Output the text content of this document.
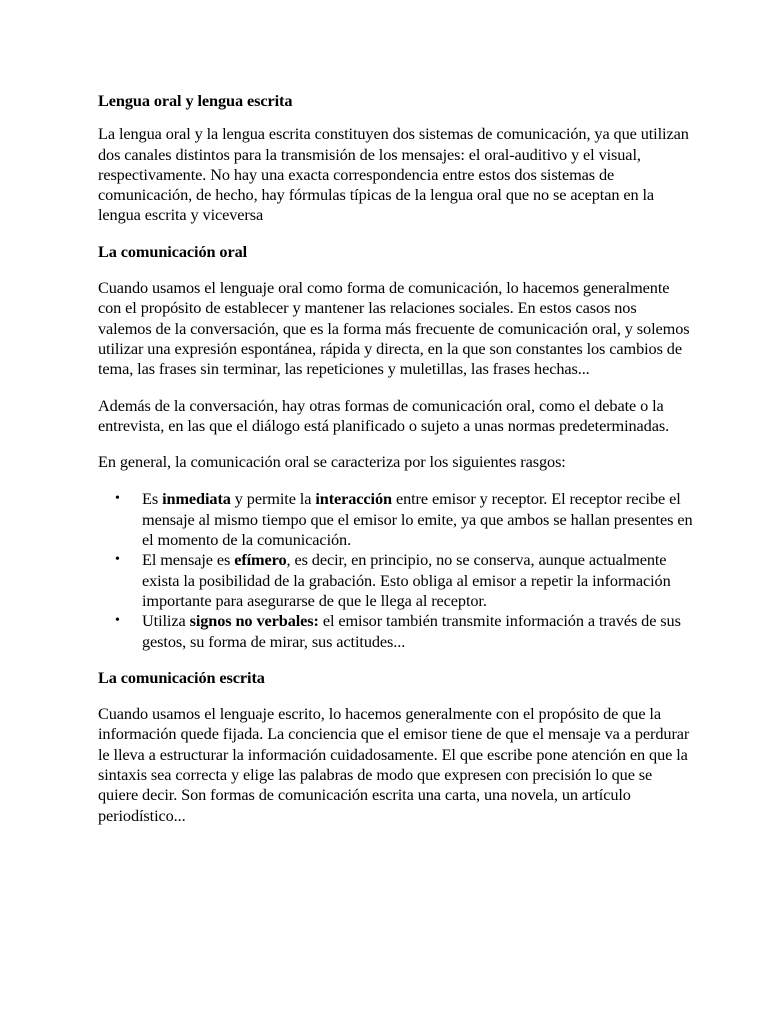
Lengua oral y lengua escrita

La lengua oral y la lengua escrita constituyen dos sistemas de comunicación, ya que utilizan dos canales distintos para la transmisión de los mensajes: el oral-auditivo y el visual, respectivamente. No hay una exacta correspondencia entre estos dos sistemas de comunicación, de hecho, hay fórmulas típicas de la lengua oral que no se aceptan en la lengua escrita y viceversa

La comunicación oral

Cuando usamos el lenguaje oral como forma de comunicación, lo hacemos generalmente con el propósito de establecer y mantener las relaciones sociales. En estos casos nos valemos de la conversación, que es la forma más frecuente de comunicación oral, y solemos utilizar una expresión espontánea, rápida y directa, en la que son constantes los cambios de tema, las frases sin terminar, las repeticiones y muletillas, las frases hechas...

Además de la conversación, hay otras formas de comunicación oral, como el debate o la entrevista, en las que el diálogo está planificado o sujeto a unas normas predeterminadas.

En general, la comunicación oral se caracteriza por los siguientes rasgos:

• Es inmediata y permite la interacción entre emisor y receptor. El receptor recibe el mensaje al mismo tiempo que el emisor lo emite, ya que ambos se hallan presentes en el momento de la comunicación.
• El mensaje es efímero, es decir, en principio, no se conserva, aunque actualmente exista la posibilidad de la grabación. Esto obliga al emisor a repetir la información importante para asegurarse de que le llega al receptor.
• Utiliza signos no verbales: el emisor también transmite información a través de sus gestos, su forma de mirar, sus actitudes...

La comunicación escrita

Cuando usamos el lenguaje escrito, lo hacemos generalmente con el propósito de que la información quede fijada. La conciencia que el emisor tiene de que el mensaje va a perdurar le lleva a estructurar la información cuidadosamente. El que escribe pone atención en que la sintaxis sea correcta y elige las palabras de modo que expresen con precisión lo que se quiere decir. Son formas de comunicación escrita una carta, una novela, un artículo periodístico...
